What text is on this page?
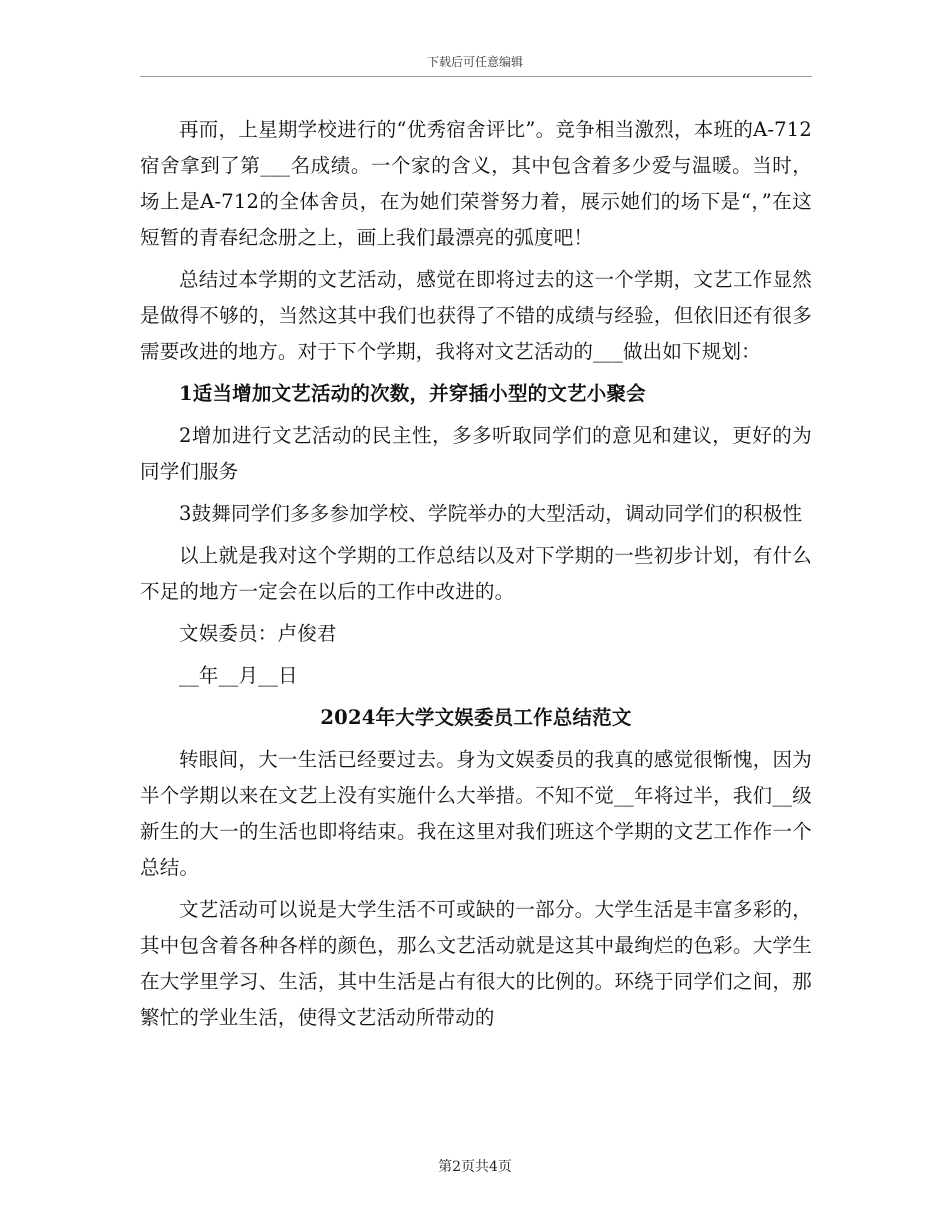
下载后可任意编辑

再而，上星期学校进行的“优秀宿舍评比”。竞争相当激烈，本班的A-712宿舍拿到了第___名成绩。一个家的含义，其中包含着多少爱与温暖。当时，场上是A-712的全体舍员，在为她们荣誉努力着，展示她们的场下是“，”在这短暂的青春纪念册之上，画上我们最漂亮的弧度吧！

总结过本学期的文艺活动，感觉在即将过去的这一个学期，文艺工作显然是做得不够的，当然这其中我们也获得了不错的成绩与经验，但依旧还有很多需要改进的地方。对于下个学期，我将对文艺活动的___做出如下规划：

1适当增加文艺活动的次数，并穿插小型的文艺小聚会

2增加进行文艺活动的民主性，多多听取同学们的意见和建议，更好的为同学们服务

3鼓舞同学们多多参加学校、学院举办的大型活动，调动同学们的积极性

以上就是我对这个学期的工作总结以及对下学期的一些初步计划，有什么不足的地方一定会在以后的工作中改进的。

文娱委员：卢俊君

__年__月__日

2024年大学文娱委员工作总结范文

转眼间，大一生活已经要过去。身为文娱委员的我真的感觉很惭愧，因为半个学期以来在文艺上没有实施什么大举措。不知不觉__年将过半，我们__级新生的大一的生活也即将结束。我在这里对我们班这个学期的文艺工作作一个总结。

文艺活动可以说是大学生活不可或缺的一部分。大学生活是丰富多彩的，其中包含着各种各样的颜色，那么文艺活动就是这其中最绚烂的色彩。大学生在大学里学习、生活，其中生活是占有很大的比例的。环绕于同学们之间，那繁忙的学业生活，使得文艺活动所带动的

第2页共4页
